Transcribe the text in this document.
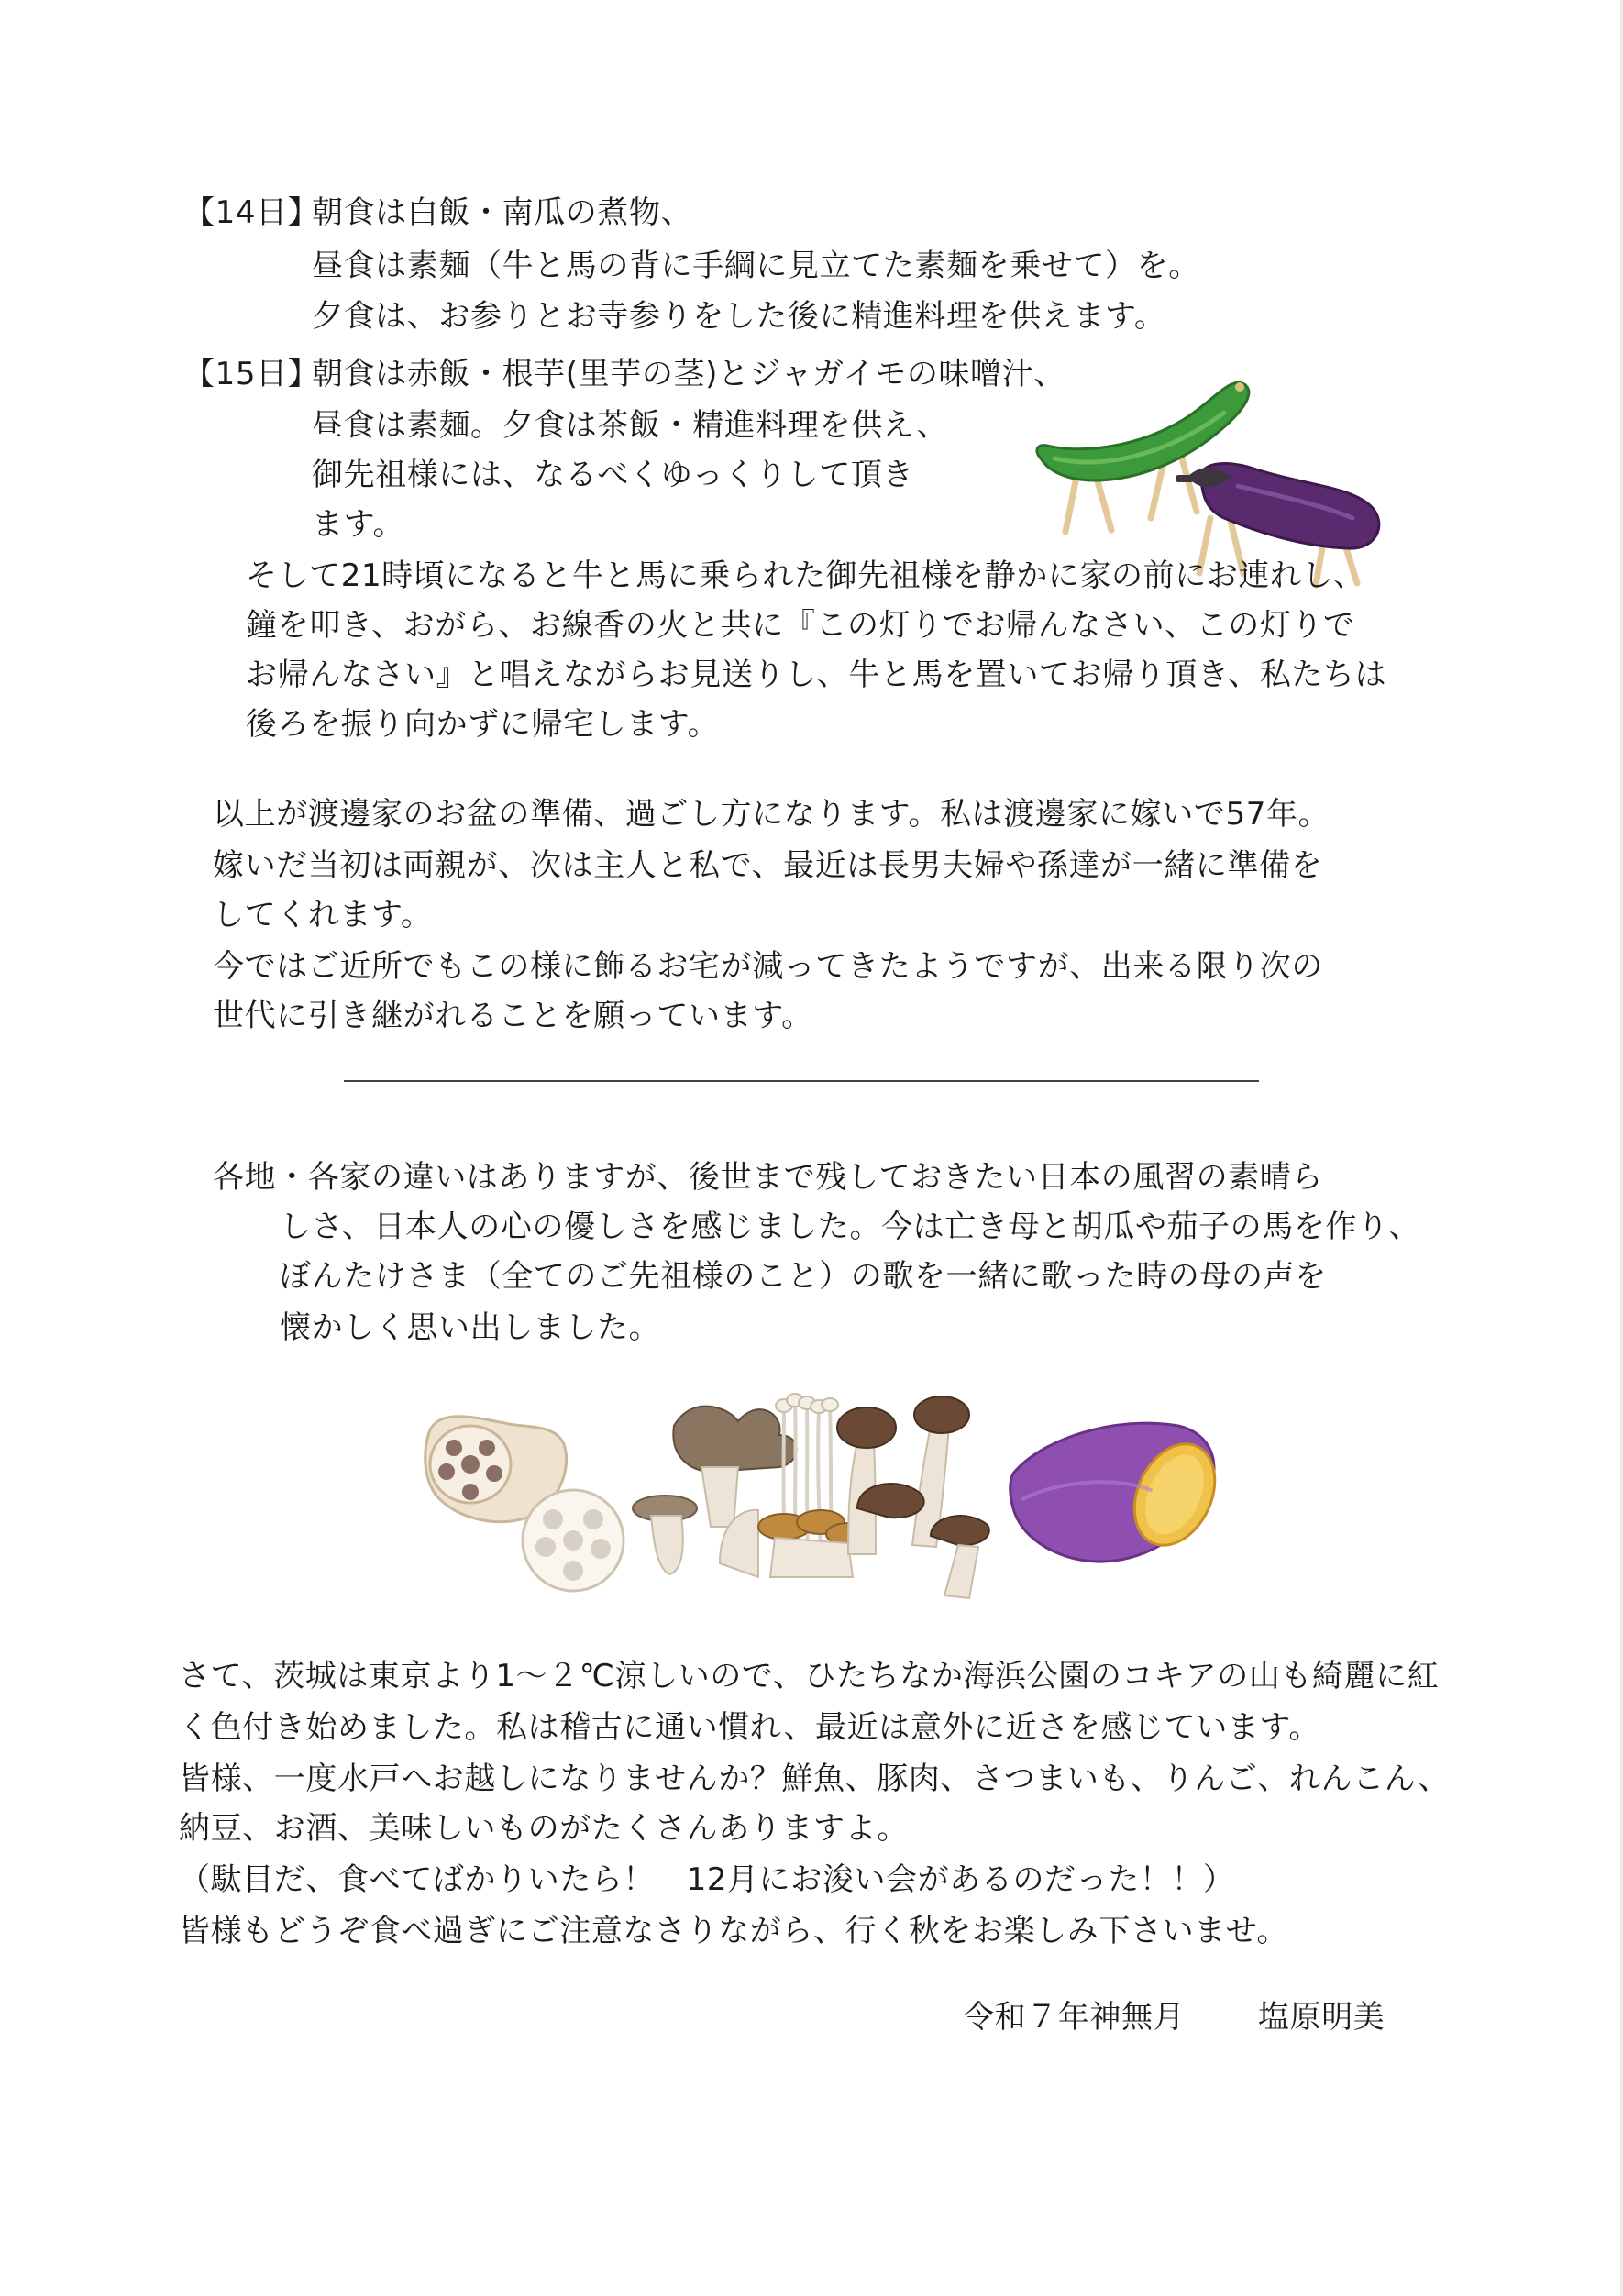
【14日】
朝食は白飯・南瓜の煮物、
昼食は素麺（牛と馬の背に手綱に見立てた素麺を乗せて）を。
夕食は、お参りとお寺参りをした後に精進料理を供えます。
【15日】
朝食は赤飯・根芋(里芋の茎)とジャガイモの味噌汁、
昼食は素麺。夕食は茶飯・精進料理を供え、
御先祖様には、なるべくゆっくりして頂き
ます。
そして21時頃になると牛と馬に乗られた御先祖様を静かに家の前にお連れし、
鐘を叩き、おがら、お線香の火と共に『この灯りでお帰んなさい、この灯りで
お帰んなさい』と唱えながらお見送りし、牛と馬を置いてお帰り頂き、私たちは
後ろを振り向かずに帰宅します。
以上が渡邊家のお盆の準備、過ごし方になります。私は渡邊家に嫁いで57年。
嫁いだ当初は両親が、次は主人と私で、最近は長男夫婦や孫達が一緒に準備を
してくれます。
今ではご近所でもこの様に飾るお宅が減ってきたようですが、出来る限り次の
世代に引き継がれることを願っています。
各地・各家の違いはありますが、後世まで残しておきたい日本の風習の素晴ら
しさ、日本人の心の優しさを感じました。今は亡き母と胡瓜や茄子の馬を作り、
ぼんたけさま（全てのご先祖様のこと）の歌を一緒に歌った時の母の声を
懐かしく思い出しました。
さて、茨城は東京より1〜２℃涼しいので、ひたちなか海浜公園のコキアの山も綺麗に紅
く色付き始めました。私は稽古に通い慣れ、最近は意外に近さを感じています。
皆様、一度水戸へお越しになりませんか？鮮魚、豚肉、さつまいも、りんご、れんこん、
納豆、お酒、美味しいものがたくさんありますよ。
（駄目だ、食べてばかりいたら！　12月にお浚い会があるのだった！！）
皆様もどうぞ食べ過ぎにご注意なさりながら、行く秋をお楽しみ下さいませ。
令和７年神無月 塩原明美
